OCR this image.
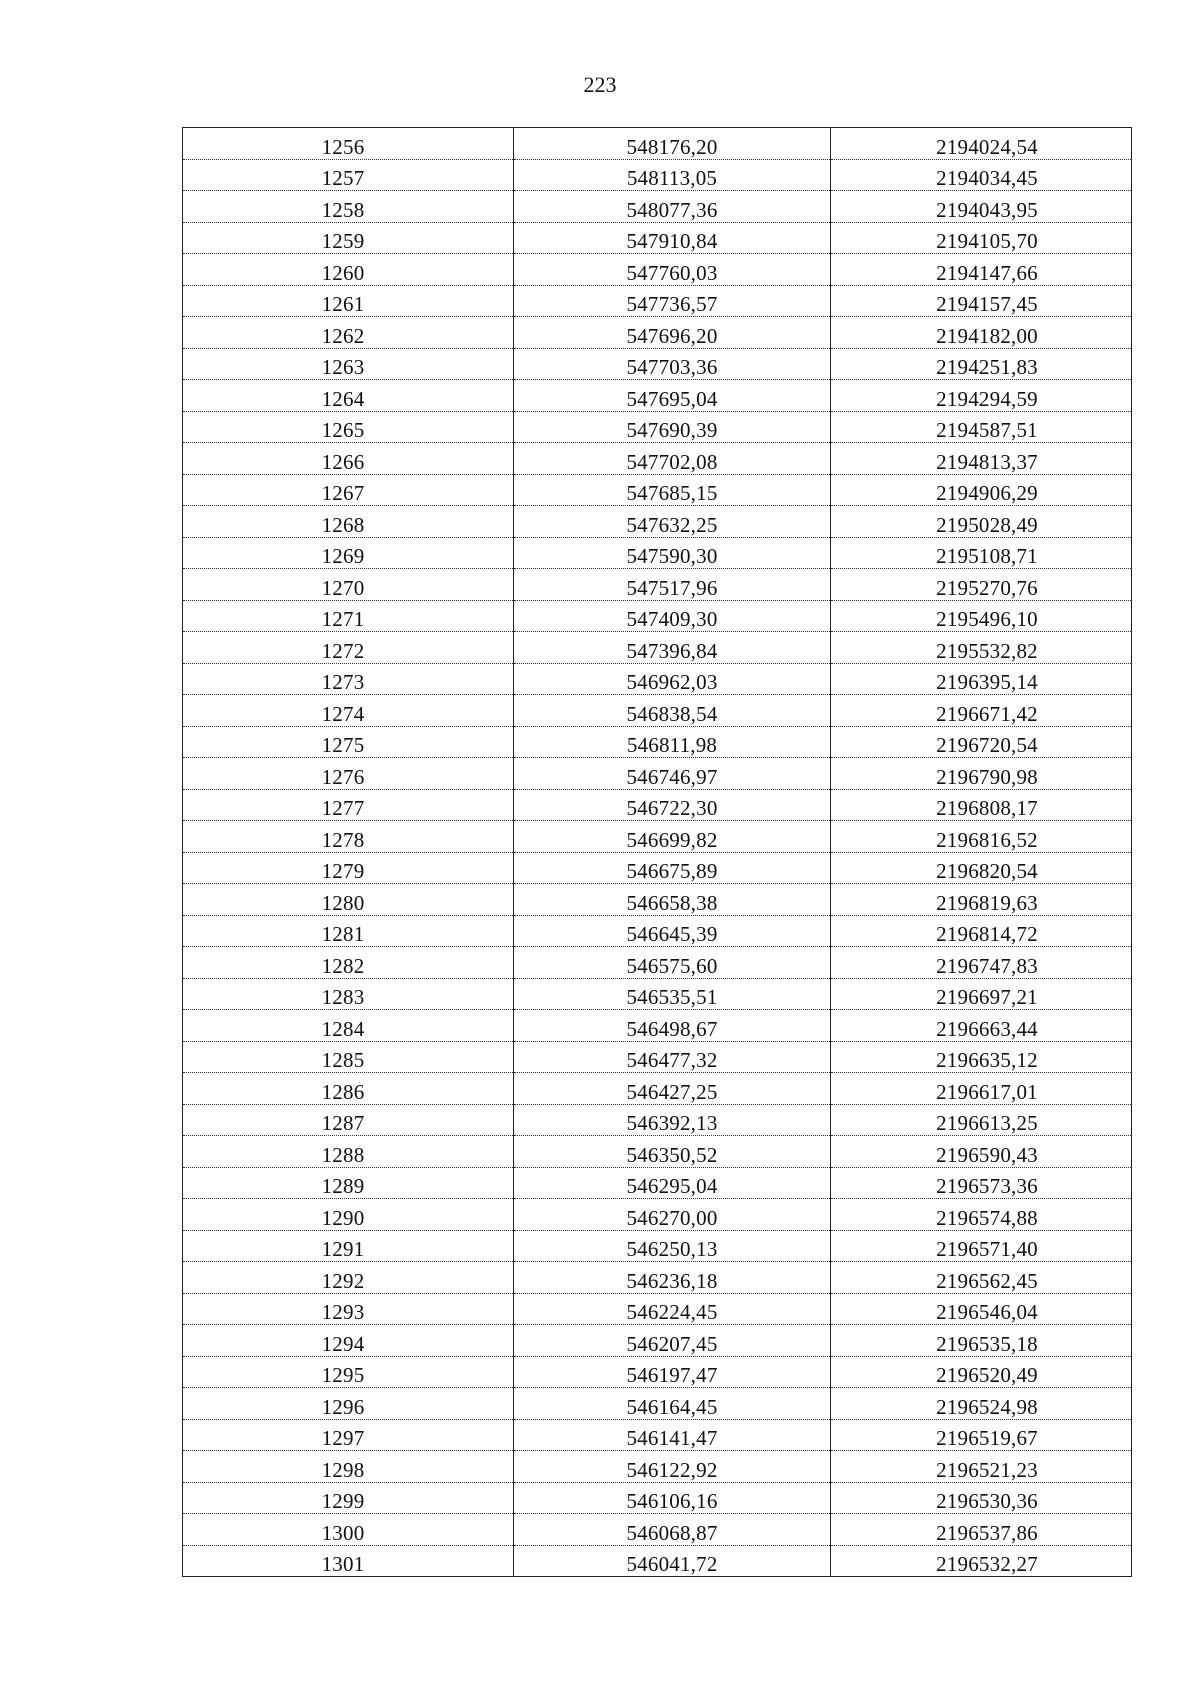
223
1256	548176,20	2194024,54
1257	548113,05	2194034,45
1258	548077,36	2194043,95
1259	547910,84	2194105,70
1260	547760,03	2194147,66
1261	547736,57	2194157,45
1262	547696,20	2194182,00
1263	547703,36	2194251,83
1264	547695,04	2194294,59
1265	547690,39	2194587,51
1266	547702,08	2194813,37
1267	547685,15	2194906,29
1268	547632,25	2195028,49
1269	547590,30	2195108,71
1270	547517,96	2195270,76
1271	547409,30	2195496,10
1272	547396,84	2195532,82
1273	546962,03	2196395,14
1274	546838,54	2196671,42
1275	546811,98	2196720,54
1276	546746,97	2196790,98
1277	546722,30	2196808,17
1278	546699,82	2196816,52
1279	546675,89	2196820,54
1280	546658,38	2196819,63
1281	546645,39	2196814,72
1282	546575,60	2196747,83
1283	546535,51	2196697,21
1284	546498,67	2196663,44
1285	546477,32	2196635,12
1286	546427,25	2196617,01
1287	546392,13	2196613,25
1288	546350,52	2196590,43
1289	546295,04	2196573,36
1290	546270,00	2196574,88
1291	546250,13	2196571,40
1292	546236,18	2196562,45
1293	546224,45	2196546,04
1294	546207,45	2196535,18
1295	546197,47	2196520,49
1296	546164,45	2196524,98
1297	546141,47	2196519,67
1298	546122,92	2196521,23
1299	546106,16	2196530,36
1300	546068,87	2196537,86
1301	546041,72	2196532,27
